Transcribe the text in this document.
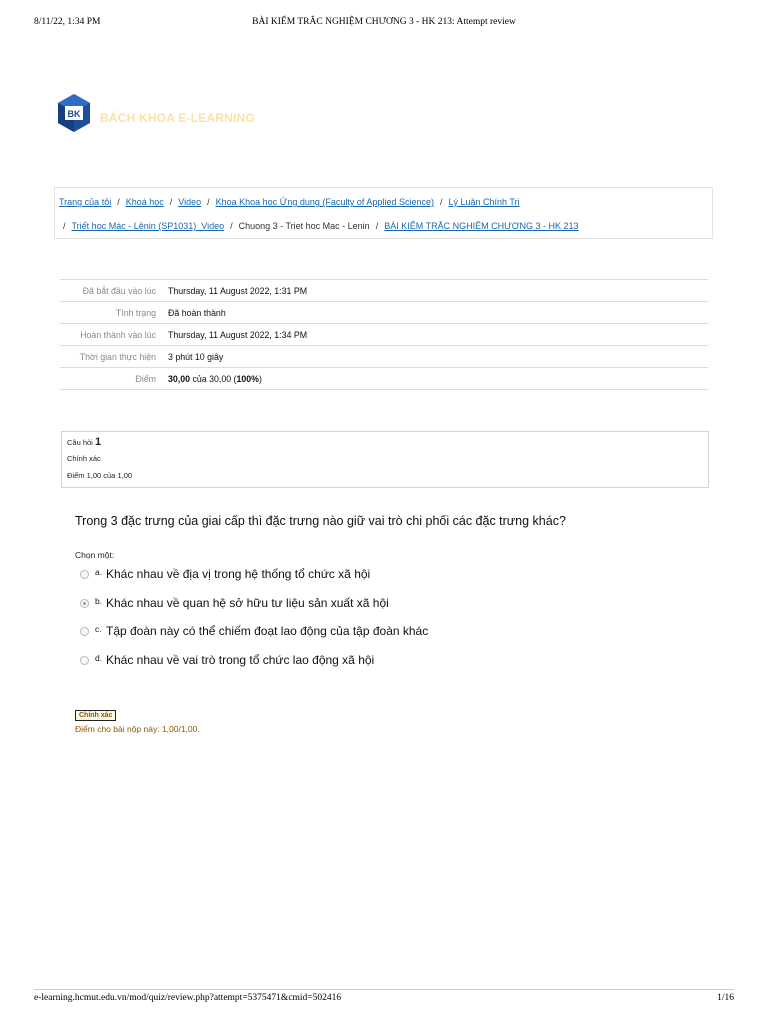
8/11/22, 1:34 PM	BÀI KIỂM TRẮC NGHIỆM CHƯƠNG 3 - HK 213: Attempt review
BK BÁCH KHOA E-LEARNING
Trang của tôi / Khoá học / Video / Khoa Khoa học Ứng dụng (Faculty of Applied Science) / Lý Luận Chính Trị
/ Triết học Mác - Lênin (SP1031)_Video / Chuong 3 - Triet hoc Mac - Lenin / BÀI KIỂM TRẮC NGHIỆM CHƯƠNG 3 - HK 213
Đã bắt đầu vào lúc	Thursday, 11 August 2022, 1:31 PM
Tình trạng	Đã hoàn thành
Hoàn thành vào lúc	Thursday, 11 August 2022, 1:34 PM
Thời gian thực hiện	3 phút 10 giây
Điểm	30,00 của 30,00 (100%)
Câu hỏi 1
Chính xác
Điểm 1,00 của 1,00
Trong 3 đặc trưng của giai cấp thì đặc trưng nào giữ vai trò chi phối các đặc trưng khác?
Chọn một:
a. Khác nhau về địa vị trong hệ thống tổ chức xã hội
b. Khác nhau về quan hệ sở hữu tư liệu sản xuất xã hội
c. Tập đoàn này có thể chiếm đoạt lao động của tập đoàn khác
d. Khác nhau về vai trò trong tổ chức lao động xã hội
Chính xác
Điểm cho bài nộp này: 1,00/1,00.
e-learning.hcmut.edu.vn/mod/quiz/review.php?attempt=5375471&cmid=502416	1/16
